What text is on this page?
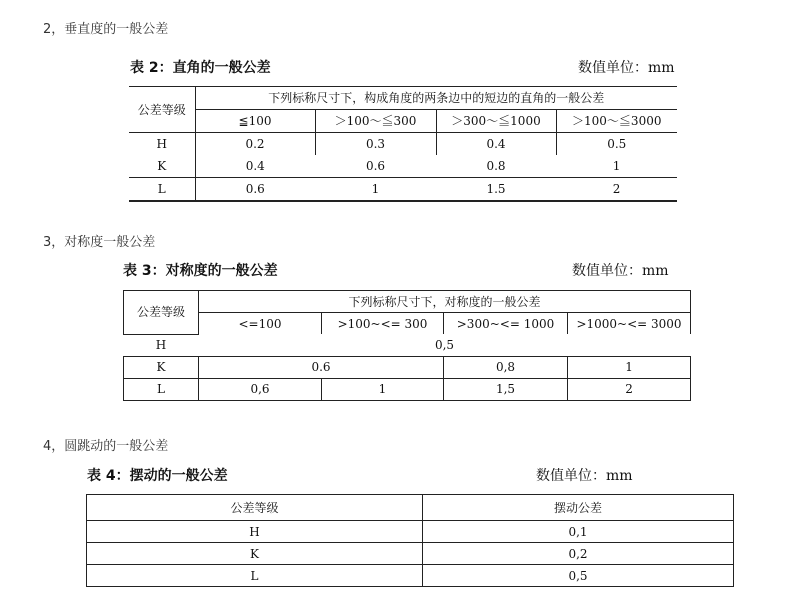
2，垂直度的一般公差
表 2：直角的一般公差	数值单位：mm
公差等级	下列标称尺寸下，构成角度的两条边中的短边的直角的一般公差			
	≦100	＞100～≦300	＞300～≦1000	＞100～≦3000
H	0.2	0.3	0.4	0.5
K	0.4	0.6	0.8	1
L	0.6	1	1.5	2
3，对称度一般公差
表 3：对称度的一般公差	数值单位：mm
公差等级	下列标称尺寸下，对称度的一般公差			
	<=100	>100~<= 300	>300~<= 1000	>1000~<= 3000
H	0,5			
K	0.6		0,8	1
L	0,6	1	1,5	2
4，圆跳动的一般公差
表 4：摆动的一般公差	数值单位：mm
公差等级	摆动公差
H	0,1
K	0,2
L	0,5
